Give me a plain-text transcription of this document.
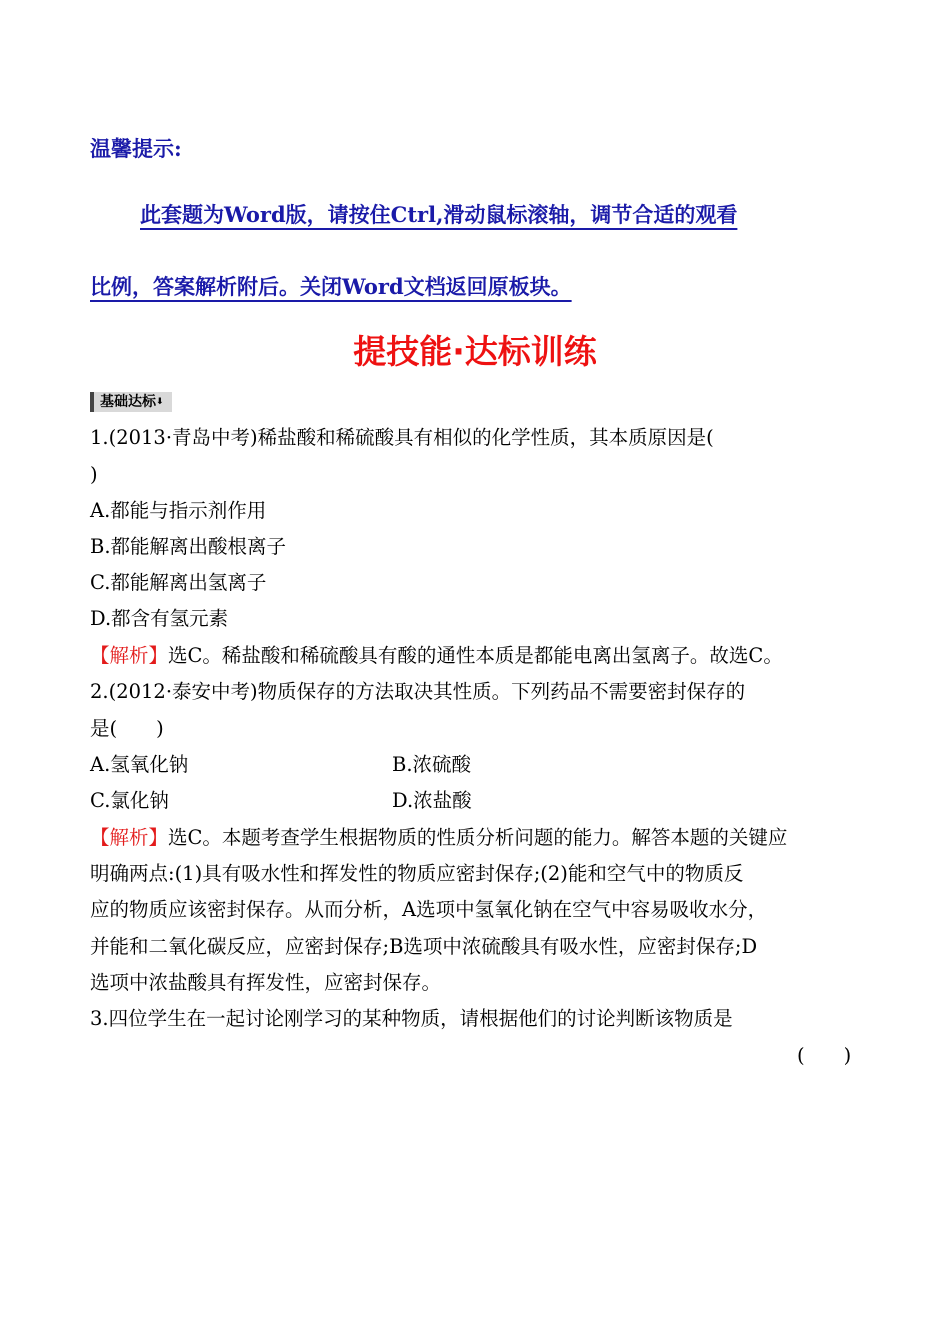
温馨提示:
此套题为Word版，请按住Ctrl,滑动鼠标滚轴，调节合适的观看
比例，答案解析附后。关闭Word文档返回原板块。
提技能·达标训练
基础达标⬇
1.(2013·青岛中考)稀盐酸和稀硫酸具有相似的化学性质，其本质原因是(
)
A.都能与指示剂作用
B.都能解离出酸根离子
C.都能解离出氢离子
D.都含有氢元素
【解析】选C。稀盐酸和稀硫酸具有酸的通性本质是都能电离出氢离子。故选C。
2.(2012·泰安中考)物质保存的方法取决其性质。下列药品不需要密封保存的
是(　　)
A.氢氧化钠	B.浓硫酸
C.氯化钠	D.浓盐酸
【解析】选C。本题考查学生根据物质的性质分析问题的能力。解答本题的关键应
明确两点:(1)具有吸水性和挥发性的物质应密封保存;(2)能和空气中的物质反
应的物质应该密封保存。从而分析，A选项中氢氧化钠在空气中容易吸收水分，
并能和二氧化碳反应，应密封保存;B选项中浓硫酸具有吸水性，应密封保存;D
选项中浓盐酸具有挥发性，应密封保存。
3.四位学生在一起讨论刚学习的某种物质，请根据他们的讨论判断该物质是
(　　)
